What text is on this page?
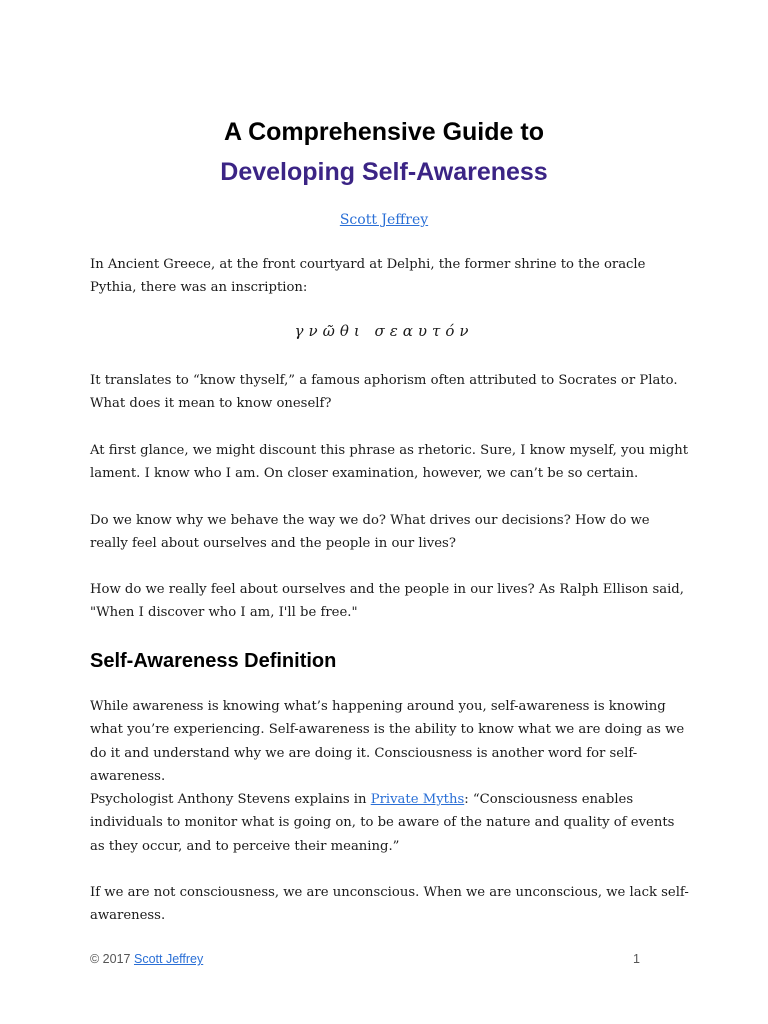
A Comprehensive Guide to
Developing Self-Awareness
Scott Jeffrey

In Ancient Greece, at the front courtyard at Delphi, the former shrine to the oracle Pythia, there was an inscription:

γνῶθι σεαυτόν

It translates to “know thyself,” a famous aphorism often attributed to Socrates or Plato. What does it mean to know oneself?

At first glance, we might discount this phrase as rhetoric. Sure, I know myself, you might lament. I know who I am. On closer examination, however, we can’t be so certain.

Do we know why we behave the way we do? What drives our decisions? How do we really feel about ourselves and the people in our lives?

How do we really feel about ourselves and the people in our lives? As Ralph Ellison said, "When I discover who I am, I'll be free."

Self-Awareness Definition

While awareness is knowing what’s happening around you, self-awareness is knowing what you’re experiencing. Self-awareness is the ability to know what we are doing as we do it and understand why we are doing it. Consciousness is another word for self-awareness.

Psychologist Anthony Stevens explains in Private Myths: “Consciousness enables individuals to monitor what is going on, to be aware of the nature and quality of events as they occur, and to perceive their meaning.”

If we are not consciousness, we are unconscious. When we are unconscious, we lack self-awareness.

© 2017 Scott Jeffrey	1
